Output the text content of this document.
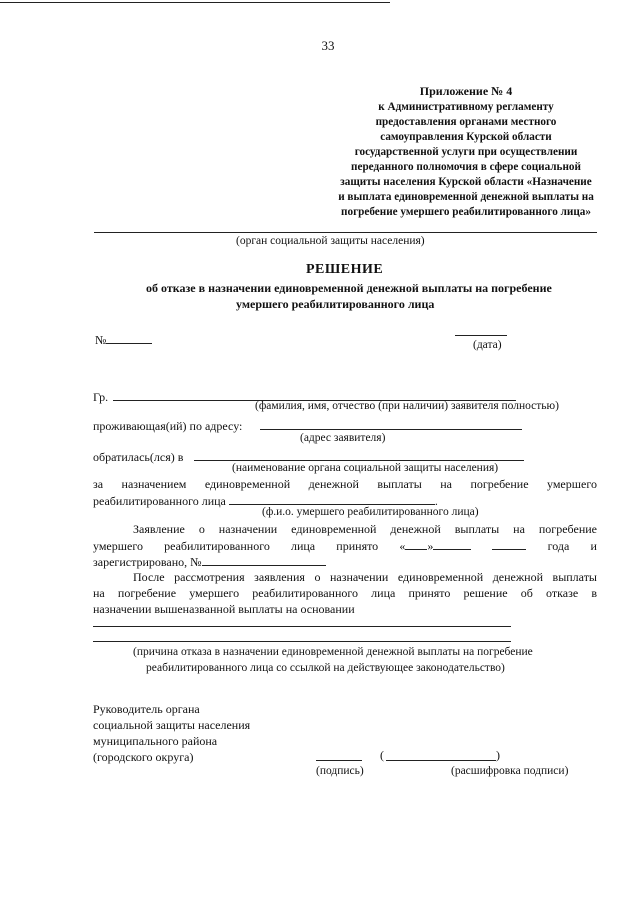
33
Приложение № 4
к Административному регламенту
предоставления органами местного
самоуправления Курской области
государственной услуги при осуществлении
переданного полномочия в сфере социальной
защиты населения Курской области «Назначение
и выплата единовременной денежной выплаты на
погребение умершего реабилитированного лица»
(орган социальной защиты населения)
РЕШЕНИЕ
об отказе в назначении единовременной денежной выплаты на погребение
умершего реабилитированного лица
№	(дата)
Гр.
(фамилия, имя, отчество (при наличии) заявителя полностью)
проживающая(ий) по адресу:
(адрес заявителя)
обратилась(лся) в
(наименование органа социальной защиты населения)
за назначением единовременной денежной выплаты на погребение умершего
реабилитированного лица	.
(ф.и.о. умершего реабилитированного лица)
Заявление о назначении единовременной денежной выплаты на погребение
умершего реабилитированного лица принято « »	года и
зарегистрировано, №
После рассмотрения заявления о назначении единовременной денежной выплаты
на погребение умершего реабилитированного лица принято решение об отказе в
назначении вышеназванной выплаты на основании
(причина отказа в назначении единовременной денежной выплаты на погребение
реабилитированного лица со ссылкой на действующее законодательство)
Руководитель органа
социальной защиты населения
муниципального района
(городского округа)	(	)
(подпись)	(расшифровка подписи)
